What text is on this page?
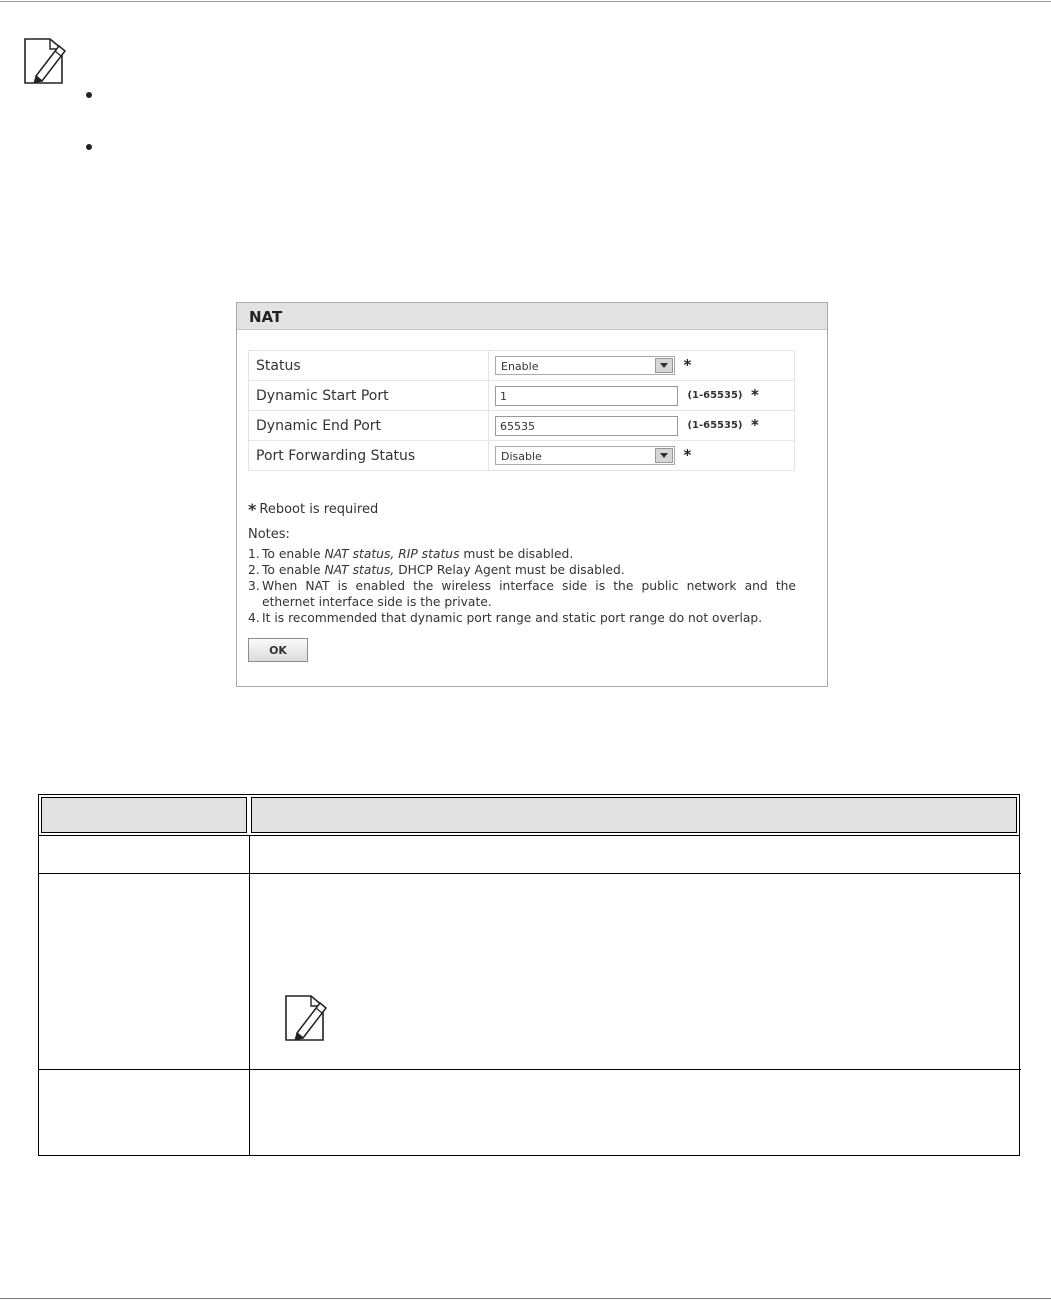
NAT
Status	Enable *
Dynamic Start Port	1 (1-65535) *
Dynamic End Port	65535 (1-65535) *
Port Forwarding Status	Disable *
* Reboot is required
Notes:
1. To enable NAT status, RIP status must be disabled.
2. To enable NAT status, DHCP Relay Agent must be disabled.
3. When NAT is enabled the wireless interface side is the public network and the ethernet interface side is the private.
4. It is recommended that dynamic port range and static port range do not overlap.
OK
